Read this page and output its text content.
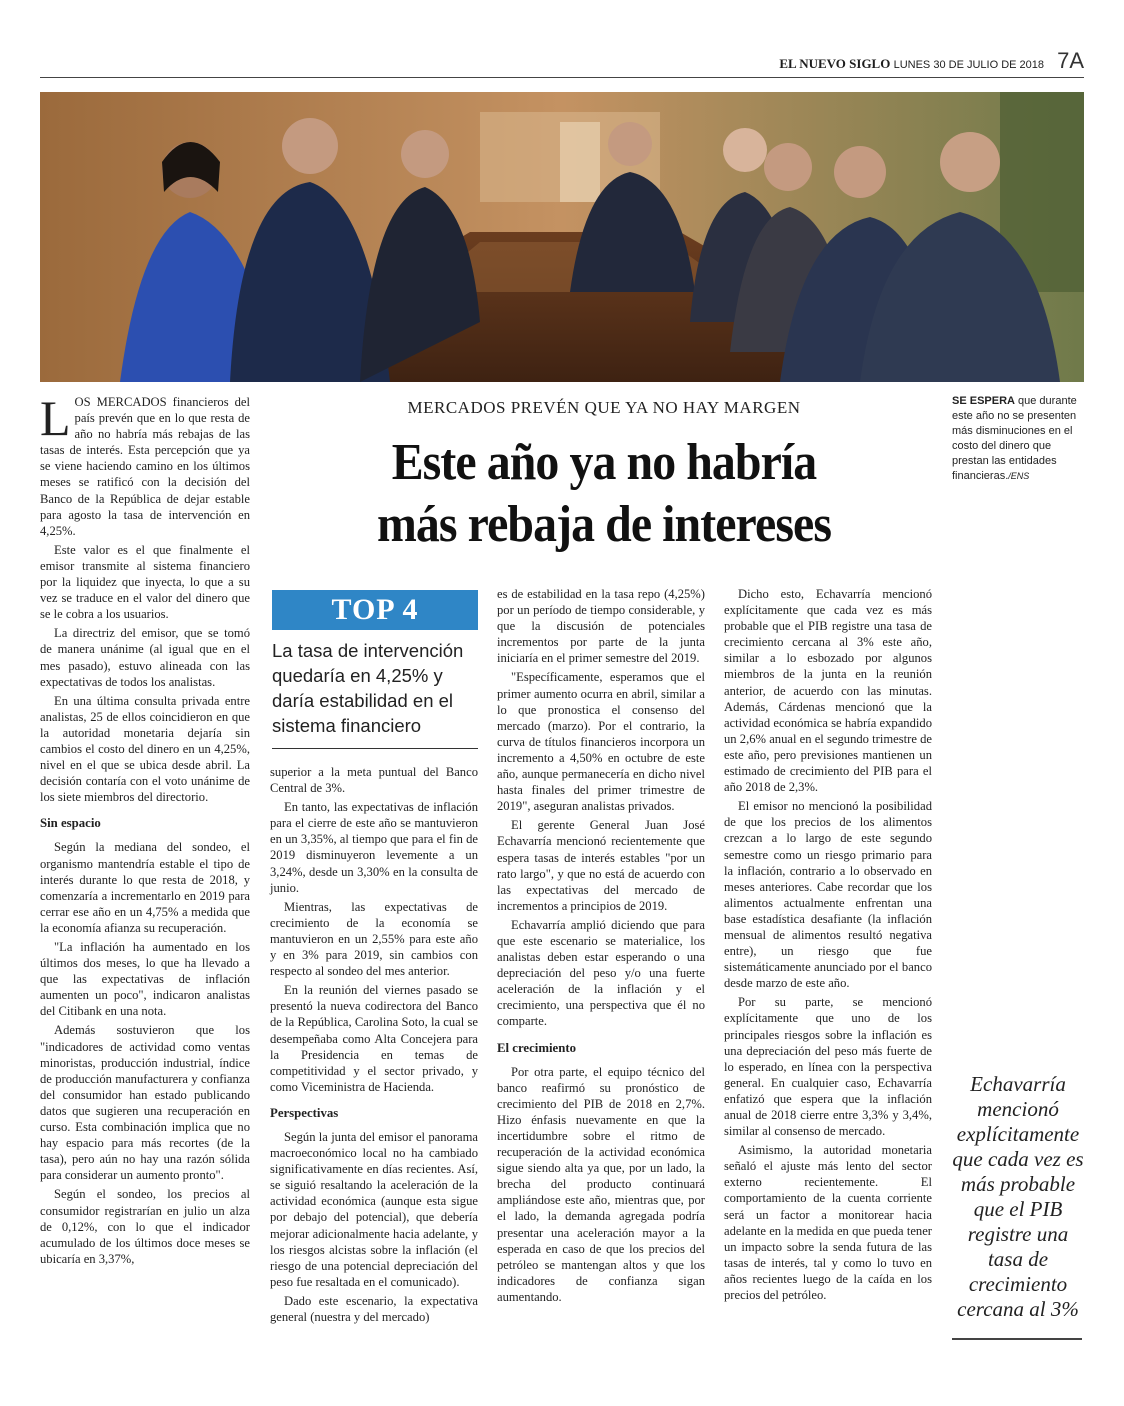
EL NUEVO SIGLO LUNES 30 DE JULIO DE 2018 7A
SE ESPERA que durante este año no se presenten más disminuciones en el costo del dinero que prestan las entidades financieras./ENS
MERCADOS PREVÉN QUE YA NO HAY MARGEN
Este año ya no habría
más rebaja de intereses

LOS MERCADOS financieros del país prevén que en lo que resta de año no habría más rebajas de las tasas de interés. Esta percepción que ya se viene haciendo camino en los últimos meses se ratificó con la decisión del Banco de la República de dejar estable para agosto la tasa de intervención en 4,25%.

Este valor es el que finalmente el emisor transmite al sistema financiero por la liquidez que inyecta, lo que a su vez se traduce en el valor del dinero que se le cobra a los usuarios.

La directriz del emisor, que se tomó de manera unánime (al igual que en el mes pasado), estuvo alineada con las expectativas de todos los analistas.

En una última consulta privada entre analistas, 25 de ellos coincidieron en que la autoridad monetaria dejaría sin cambios el costo del dinero en un 4,25%, nivel en el que se ubica desde abril. La decisión contaría con el voto unánime de los siete miembros del directorio.

Sin espacio

Según la mediana del sondeo, el organismo mantendría estable el tipo de interés durante lo que resta de 2018, y comenzaría a incrementarlo en 2019 para cerrar ese año en un 4,75% a medida que la economía afianza su recuperación.

"La inflación ha aumentado en los últimos dos meses, lo que ha llevado a que las expectativas de inflación aumenten un poco", indicaron analistas del Citibank en una nota.

Además sostuvieron que los "indicadores de actividad como ventas minoristas, producción industrial, índice de producción manufacturera y confianza del consumidor han estado publicando datos que sugieren una recuperación en curso. Esta combinación implica que no hay espacio para más recortes (de la tasa), pero aún no hay una razón sólida para considerar un aumento pronto".

Según el sondeo, los precios al consumidor registrarían en julio un alza de 0,12%, con lo que el indicador acumulado de los últimos doce meses se ubicaría en 3,37%,

TOP 4
La tasa de intervención quedaría en 4,25% y daría estabilidad en el sistema financiero

superior a la meta puntual del Banco Central de 3%.

En tanto, las expectativas de inflación para el cierre de este año se mantuvieron en un 3,35%, al tiempo que para el fin de 2019 disminuyeron levemente a un 3,24%, desde un 3,30% en la consulta de junio.

Mientras, las expectativas de crecimiento de la economía se mantuvieron en un 2,55% para este año y en 3% para 2019, sin cambios con respecto al sondeo del mes anterior.

En la reunión del viernes pasado se presentó la nueva codirectora del Banco de la República, Carolina Soto, la cual se desempeñaba como Alta Concejera para la Presidencia en temas de competitividad y el sector privado, y como Viceministra de Hacienda.

Perspectivas

Según la junta del emisor el panorama macroeconómico local no ha cambiado significativamente en días recientes. Así, se siguió resaltando la aceleración de la actividad económica (aunque esta sigue por debajo del potencial), que debería mejorar adicionalmente hacia adelante, y los riesgos alcistas sobre la inflación (el riesgo de una potencial depreciación del peso fue resaltada en el comunicado).

Dado este escenario, la expectativa general (nuestra y del mercado)

es de estabilidad en la tasa repo (4,25%) por un período de tiempo considerable, y que la discusión de potenciales incrementos por parte de la junta iniciaría en el primer semestre del 2019.

"Específicamente, esperamos que el primer aumento ocurra en abril, similar a lo que pronostica el consenso del mercado (marzo). Por el contrario, la curva de títulos financieros incorpora un incremento a 4,50% en octubre de este año, aunque permanecería en dicho nivel hasta finales del primer trimestre de 2019", aseguran analistas privados.

El gerente General Juan José Echavarría mencionó recientemente que espera tasas de interés estables "por un rato largo", y que no está de acuerdo con las expectativas del mercado de incrementos a principios de 2019.

Echavarría amplió diciendo que para que este escenario se materialice, los analistas deben estar esperando o una depreciación del peso y/o una fuerte aceleración de la inflación y el crecimiento, una perspectiva que él no comparte.

El crecimiento

Por otra parte, el equipo técnico del banco reafirmó su pronóstico de crecimiento del PIB de 2018 en 2,7%. Hizo énfasis nuevamente en que la incertidumbre sobre el ritmo de recuperación de la actividad económica sigue siendo alta ya que, por un lado, la brecha del producto continuará ampliándose este año, mientras que, por el lado, la demanda agregada podría presentar una aceleración mayor a la esperada en caso de que los precios del petróleo se mantengan altos y que los indicadores de confianza sigan aumentando.

Dicho esto, Echavarría mencionó explícitamente que cada vez es más probable que el PIB registre una tasa de crecimiento cercana al 3% este año, similar a lo esbozado por algunos miembros de la junta en la reunión anterior, de acuerdo con las minutas. Además, Cárdenas mencionó que la actividad económica se habría expandido un 2,6% anual en el segundo trimestre de este año, pero previsiones mantienen un estimado de crecimiento del PIB para el año 2018 de 2,3%.

El emisor no mencionó la posibilidad de que los precios de los alimentos crezcan a lo largo de este segundo semestre como un riesgo primario para la inflación, contrario a lo observado en meses anteriores. Cabe recordar que los alimentos actualmente enfrentan una base estadística desafiante (la inflación mensual de alimentos resultó negativa entre), un riesgo que fue sistemáticamente anunciado por el banco desde marzo de este año.

Por su parte, se mencionó explícitamente que uno de los principales riesgos sobre la inflación es una depreciación del peso más fuerte de lo esperado, en línea con la perspectiva general. En cualquier caso, Echavarría enfatizó que espera que la inflación anual de 2018 cierre entre 3,3% y 3,4%, similar al consenso de mercado.

Asimismo, la autoridad monetaria señaló el ajuste más lento del sector externo recientemente. El comportamiento de la cuenta corriente será un factor a monitorear hacia adelante en la medida en que pueda tener un impacto sobre la senda futura de las tasas de interés, tal y como lo tuvo en años recientes luego de la caída en los precios del petróleo.

Echavarría mencionó explícitamente que cada vez es más probable que el PIB registre una tasa de crecimiento cercana al 3%
